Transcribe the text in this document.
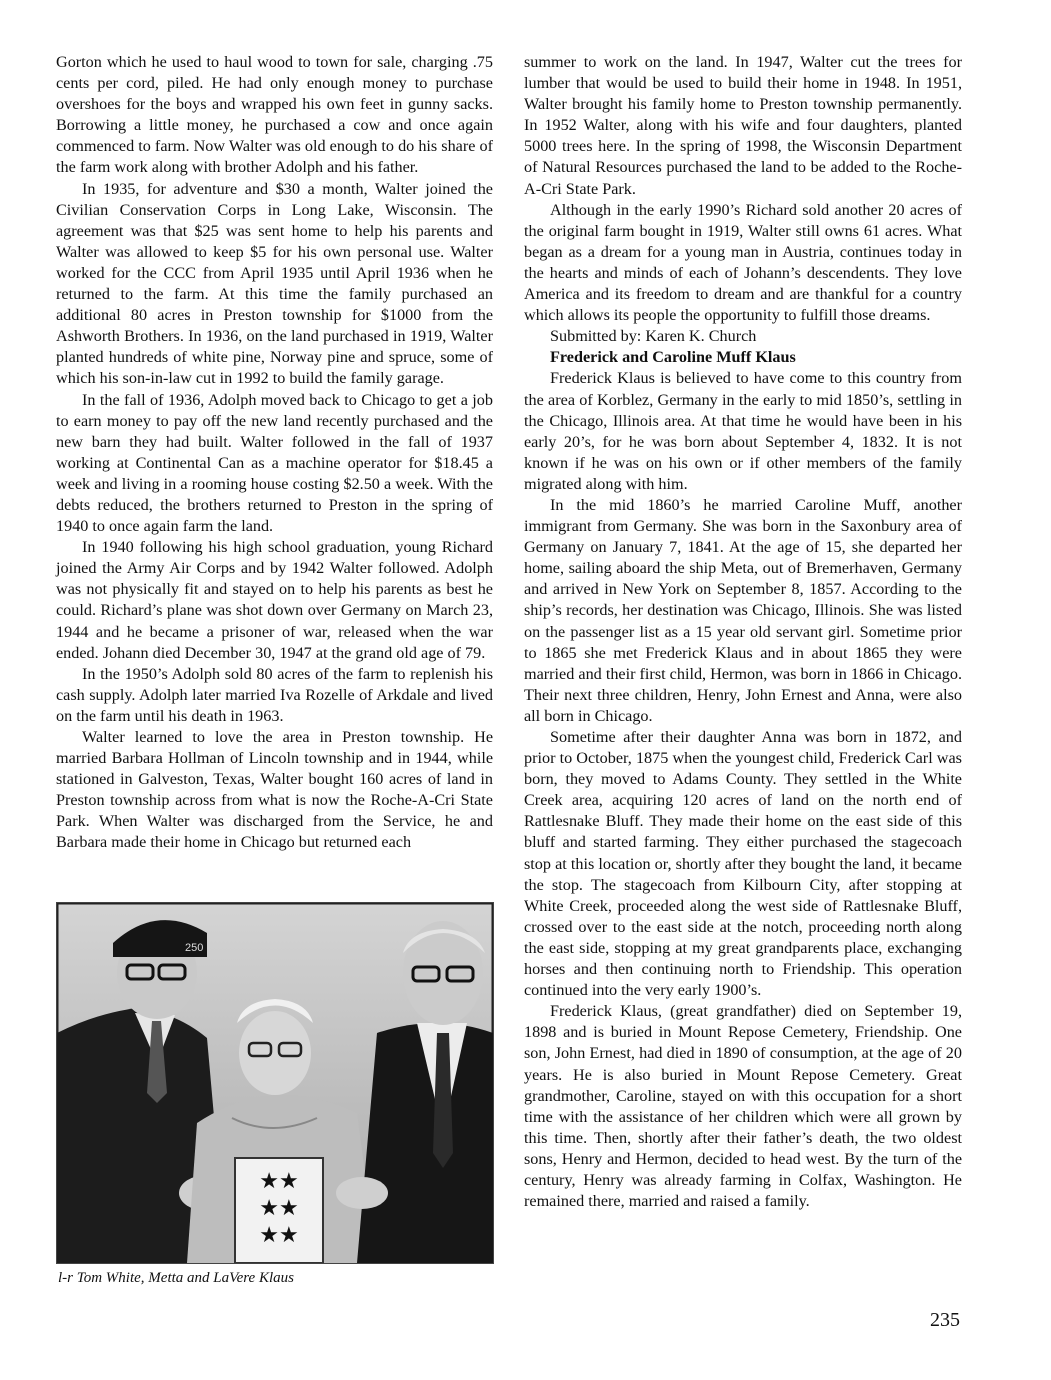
Gorton which he used to haul wood to town for sale, charging .75 cents per cord, piled. He had only enough money to purchase overshoes for the boys and wrapped his own feet in gunny sacks. Borrowing a little money, he purchased a cow and once again commenced to farm. Now Walter was old enough to do his share of the farm work along with brother Adolph and his father.

In 1935, for adventure and $30 a month, Walter joined the Civilian Conservation Corps in Long Lake, Wisconsin. The agreement was that $25 was sent home to help his parents and Walter was allowed to keep $5 for his own personal use. Walter worked for the CCC from April 1935 until April 1936 when he returned to the farm. At this time the family purchased an additional 80 acres in Preston township for $1000 from the Ashworth Brothers. In 1936, on the land purchased in 1919, Walter planted hundreds of white pine, Norway pine and spruce, some of which his son-in-law cut in 1992 to build the family garage.

In the fall of 1936, Adolph moved back to Chicago to get a job to earn money to pay off the new land recently purchased and the new barn they had built. Walter followed in the fall of 1937 working at Continental Can as a machine operator for $18.45 a week and living in a rooming house costing $2.50 a week. With the debts reduced, the brothers returned to Preston in the spring of 1940 to once again farm the land.

In 1940 following his high school graduation, young Richard joined the Army Air Corps and by 1942 Walter followed. Adolph was not physically fit and stayed on to help his parents as best he could. Richard’s plane was shot down over Germany on March 23, 1944 and he became a prisoner of war, released when the war ended. Johann died December 30, 1947 at the grand old age of 79.

In the 1950’s Adolph sold 80 acres of the farm to replenish his cash supply. Adolph later married Iva Rozelle of Arkdale and lived on the farm until his death in 1963.

Walter learned to love the area in Preston township. He married Barbara Hollman of Lincoln township and in 1944, while stationed in Galveston, Texas, Walter bought 160 acres of land in Preston township across from what is now the Roche-A-Cri State Park. When Walter was discharged from the Service, he and Barbara made their home in Chicago but returned each

250
★★
★★
★★
l-r Tom White, Metta and LaVere Klaus

summer to work on the land. In 1947, Walter cut the trees for lumber that would be used to build their home in 1948. In 1951, Walter brought his family home to Preston township permanently. In 1952 Walter, along with his wife and four daughters, planted 5000 trees here. In the spring of 1998, the Wisconsin Department of Natural Resources purchased the land to be added to the Roche-A-Cri State Park.

Although in the early 1990’s Richard sold another 20 acres of the original farm bought in 1919, Walter still owns 61 acres. What began as a dream for a young man in Austria, continues today in the hearts and minds of each of Johann’s descendents. They love America and its freedom to dream and are thankful for a country which allows its people the opportunity to fulfill those dreams.

Submitted by: Karen K. Church

Frederick and Caroline Muff Klaus

Frederick Klaus is believed to have come to this country from the area of Korblez, Germany in the early to mid 1850’s, settling in the Chicago, Illinois area. At that time he would have been in his early 20’s, for he was born about September 4, 1832. It is not known if he was on his own or if other members of the family migrated along with him.

In the mid 1860’s he married Caroline Muff, another immigrant from Germany. She was born in the Saxonbury area of Germany on January 7, 1841. At the age of 15, she departed her home, sailing aboard the ship Meta, out of Bremerhaven, Germany and arrived in New York on September 8, 1857. According to the ship’s records, her destination was Chicago, Illinois. She was listed on the passenger list as a 15 year old servant girl. Sometime prior to 1865 she met Frederick Klaus and in about 1865 they were married and their first child, Hermon, was born in 1866 in Chicago. Their next three children, Henry, John Ernest and Anna, were also all born in Chicago.

Sometime after their daughter Anna was born in 1872, and prior to October, 1875 when the youngest child, Frederick Carl was born, they moved to Adams County. They settled in the White Creek area, acquiring 120 acres of land on the north end of Rattlesnake Bluff. They made their home on the east side of this bluff and started farming. They either purchased the stagecoach stop at this location or, shortly after they bought the land, it became the stop. The stagecoach from Kilbourn City, after stopping at White Creek, proceeded along the west side of Rattlesnake Bluff, crossed over to the east side at the notch, proceeding north along the east side, stopping at my great grandparents place, exchanging horses and then continuing north to Friendship. This operation continued into the very early 1900’s.

Frederick Klaus, (great grandfather) died on September 19, 1898 and is buried in Mount Repose Cemetery, Friendship. One son, John Ernest, had died in 1890 of consumption, at the age of 20 years. He is also buried in Mount Repose Cemetery. Great grandmother, Caroline, stayed on with this occupation for a short time with the assistance of her children which were all grown by this time. Then, shortly after their father’s death, the two oldest sons, Henry and Hermon, decided to head west. By the turn of the century, Henry was already farming in Colfax, Washington. He remained there, married and raised a family.

235
